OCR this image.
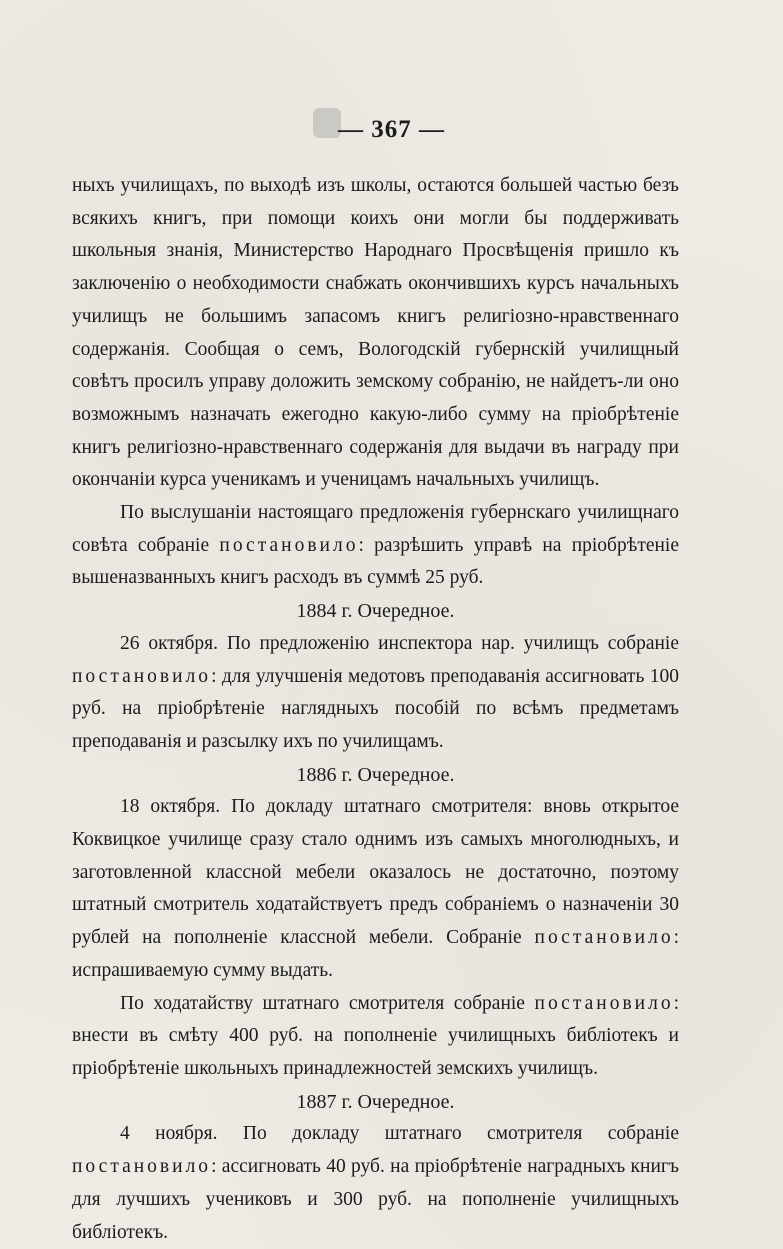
— 367 —

ныхъ училищахъ, по выходѣ изъ школы, остаются большей частью безъ всякихъ книгъ, при помощи коихъ они могли бы поддерживать школьныя знанія, Министерство Народнаго Просвѣщенія пришло къ заключенію о необходимости снабжать окончившихъ курсъ начальныхъ училищъ не большимъ запасомъ книгъ религіозно-нравственнаго содержанія. Сообщая о семъ, Вологодскій губернскій училищный совѣтъ просилъ управу доложить земскому собранію, не найдетъ-ли оно возможнымъ назначать ежегодно какую-либо сумму на пріобрѣтеніе книгъ религіозно-нравственнаго содержанія для выдачи въ награду при окончаніи курса ученикамъ и ученицамъ начальныхъ училищъ.

По выслушаніи настоящаго предложенія губернскаго училищнаго совѣта собраніе постановило: разрѣшить управѣ на пріобрѣтеніе вышеназванныхъ книгъ расходъ въ суммѣ 25 руб.

1884 г. Очередное.

26 октября. По предложенію инспектора нар. училищъ собраніе постановило: для улучшенія медотовъ преподаванія ассигновать 100 руб. на пріобрѣтеніе наглядныхъ пособій по всѣмъ предметамъ преподаванія и разсылку ихъ по училищамъ.

1886 г. Очередное.

18 октября. По докладу штатнаго смотрителя: вновь открытое Коквицкое училище сразу стало однимъ изъ самыхъ многолюдныхъ, и заготовленной классной мебели оказалось не достаточно, поэтому штатный смотритель ходатайствуетъ предъ собраніемъ о назначеніи 30 рублей на пополненіе классной мебели. Собраніе постановило: испрашиваемую сумму выдать.

По ходатайству штатнаго смотрителя собраніе постановило: внести въ смѣту 400 руб. на пополненіе училищныхъ библіотекъ и пріобрѣтеніе школьныхъ принадлежностей земскихъ училищъ.

1887 г. Очередное.

4 ноября. По докладу штатнаго смотрителя собраніе постановило: ассигновать 40 руб. на пріобрѣтеніе наградныхъ книгъ для лучшихъ учениковъ и 300 руб. на пополненіе училищныхъ библіотекъ.
